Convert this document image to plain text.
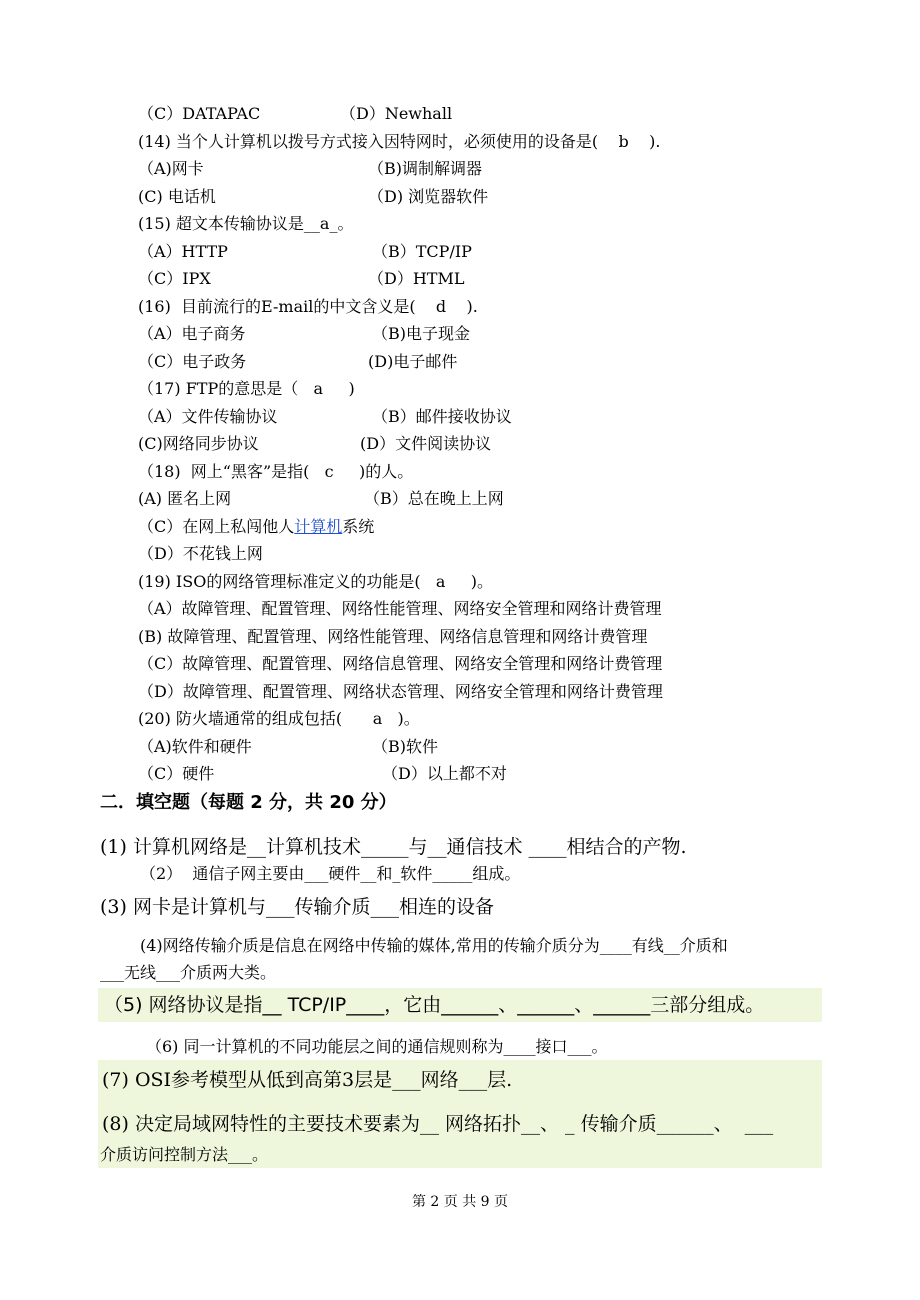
（C）DATAPAC	（D）Newhall
(14) 当个人计算机以拨号方式接入因特网时，必须使用的设备是(    b    ).
（A)网卡	（B)调制解调器
(C) 电话机	（D) 浏览器软件
(15) 超文本传输协议是__a_。
（A）HTTP	（B）TCP/IP
（C）IPX	（D）HTML
(16)  目前流行的E-mail的中文含义是(    d    ).
（A）电子商务	（B)电子现金
（C）电子政务	(D)电子邮件
（17) FTP的意思是（   a     )
（A）文件传输协议	（B）邮件接收协议
(C)网络同步协议	(D）文件阅读协议
（18)  网上“黑客”是指(   c     )的人。
(A) 匿名上网	（B）总在晚上上网
（C）在网上私闯他人计算机系统
（D）不花钱上网
(19) ISO的网络管理标准定义的功能是(   a     )。
（A）故障管理、配置管理、网络性能管理、网络安全管理和网络计费管理
(B) 故障管理、配置管理、网络性能管理、网络信息管理和网络计费管理
（C）故障管理、配置管理、网络信息管理、网络安全管理和网络计费管理
（D）故障管理、配置管理、网络状态管理、网络安全管理和网络计费管理
(20) 防火墙通常的组成包括(      a   )。
（A)软件和硬件	（B)软件
（C）硬件	（D）以上都不对
二．填空题（每题 2 分，共 20 分）
(1) 计算机网络是__计算机技术_____与__通信技术 ____相结合的产物.
（2）  通信子网主要由___硬件__和_软件_____组成。
(3) 网卡是计算机与___传输介质___相连的设备
(4)网络传输介质是信息在网络中传输的媒体,常用的传输介质分为____有线__介质和
___无线___介质两大类。
（5) 网络协议是指__ TCP/IP____，它由______、______、______三部分组成。
（6) 同一计算机的不同功能层之间的通信规则称为____接口___。
(7) OSI参考模型从低到高第3层是___网络___层.
(8) 决定局域网特性的主要技术要素为__ 网络拓扑__、 _ 传输介质______、  ___
介质访问控制方法___。
第 2 页 共 9 页
